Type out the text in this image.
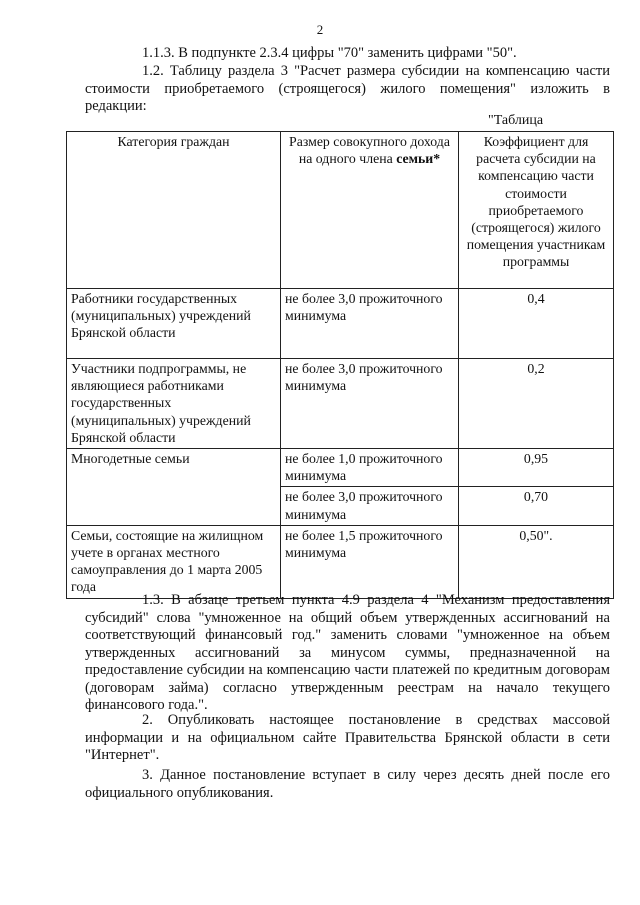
2
1.1.3. В подпункте 2.3.4 цифры "70" заменить цифрами "50".
1.2. Таблицу раздела 3 "Расчет размера субсидии на компенсацию части стоимости приобретаемого (строящегося) жилого помещения" изложить в редакции:
"Таблица
Категория граждан	Размер совокупного дохода на одного члена семьи*	Коэффициент для расчета субсидии на компенсацию части стоимости приобретаемого (строящегося) жилого помещения участникам программы
Работники государственных (муниципальных) учреждений Брянской области	не более 3,0 прожиточного минимума	0,4
Участники подпрограммы, не являющиеся работниками государственных (муниципальных) учреждений Брянской области	не более 3,0 прожиточного минимума	0,2
Многодетные семьи	не более 1,0 прожиточного минимума	0,95
	не более 3,0 прожиточного минимума	0,70
Семьи, состоящие на жилищном учете в органах местного самоуправления до 1 марта 2005 года	не более 1,5 прожиточного минимума	0,50".
1.3. В абзаце третьем пункта 4.9 раздела 4 "Механизм предоставления субсидий" слова "умноженное на общий объем утвержденных ассигнований на соответствующий финансовый год." заменить словами "умноженное на объем утвержденных ассигнований за минусом суммы, предназначенной на предоставление субсидии на компенсацию части платежей по кредитным договорам (договорам займа) согласно утвержденным реестрам на начало текущего финансового года.".
2. Опубликовать настоящее постановление в средствах массовой информации и на официальном сайте Правительства Брянской области в сети "Интернет".
3. Данное постановление вступает в силу через десять дней после его официального опубликования.
